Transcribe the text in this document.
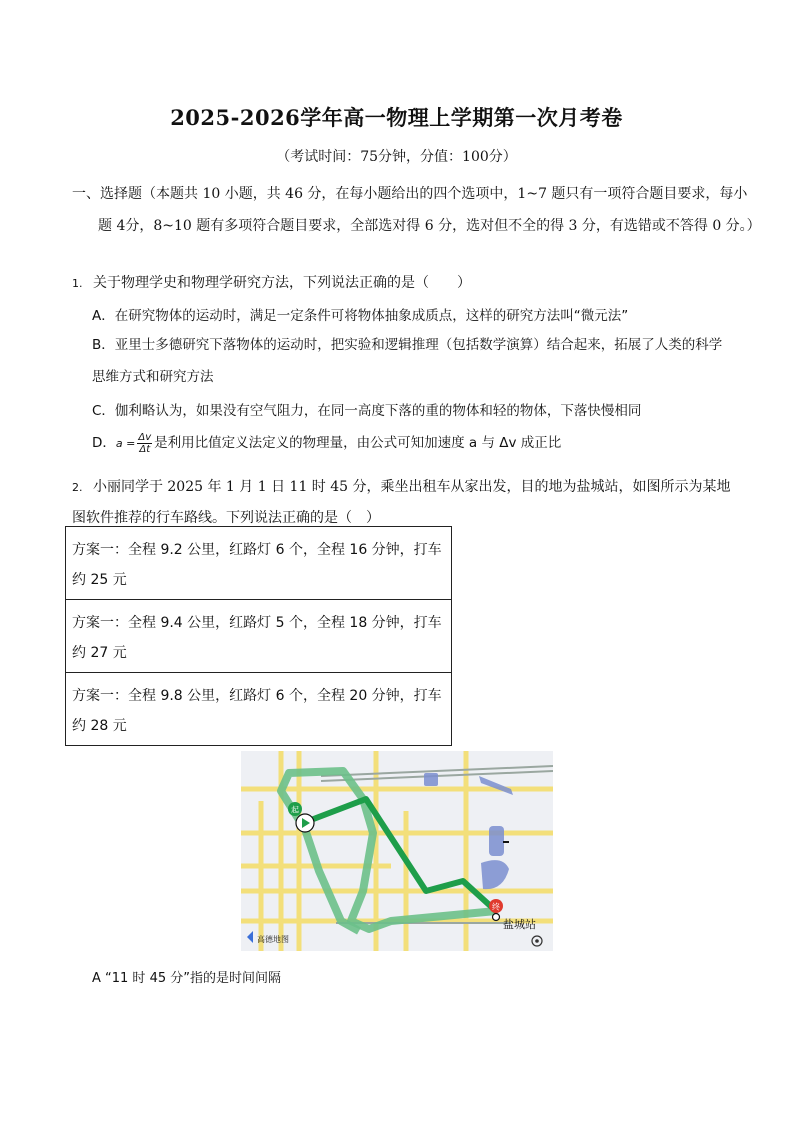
2025-2026学年高一物理上学期第一次月考卷
（考试时间：75分钟，分值：100分）
一、选择题（本题共 10 小题，共 46 分，在每小题给出的四个选项中，1~7 题只有一项符合题目要求，每小题 4分，8~10 题有多项符合题目要求，全部选对得 6 分，选对但不全的得 3 分，有选错或不答得 0 分。）
1. 关于物理学史和物理学研究方法，下列说法正确的是（　　）
A．在研究物体的运动时，满足一定条件可将物体抽象成质点，这样的研究方法叫“微元法”
B．亚里士多德研究下落物体的运动时，把实验和逻辑推理（包括数学演算）结合起来，拓展了人类的科学思维方式和研究方法
C．伽利略认为，如果没有空气阻力，在同一高度下落的重的物体和轻的物体，下落快慢相同
D．$a = \frac{\Delta v}{\Delta t}$ 是利用比值定义法定义的物理量，由公式可知加速度 a 与 Δv 成正比
2. 小丽同学于 2025 年 1 月 1 日 11 时 45 分，乘坐出租车从家出发，目的地为盐城站，如图所示为某地图软件推荐的行车路线。下列说法正确的是（　）
方案一：全程 9.2 公里，红路灯 6 个，全程 16 分钟，打车约 25 元
方案一：全程 9.4 公里，红路灯 5 个，全程 18 分钟，打车约 27 元
方案一：全程 9.8 公里，红路灯 6 个，全程 20 分钟，打车约 28 元
起
终
盐城站
高德地图
A “11 时 45 分”指的是时间间隔
